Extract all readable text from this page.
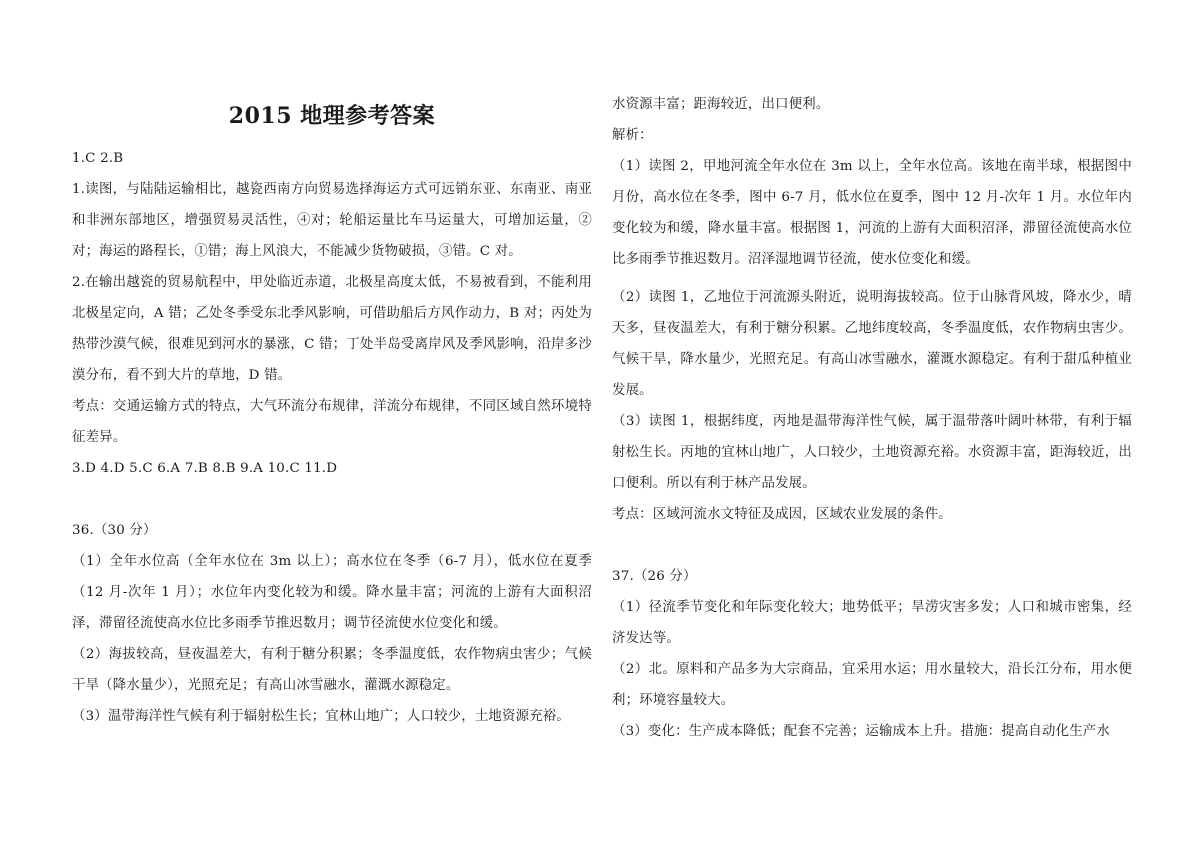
2015 地理参考答案

1.C 2.B

1.读图，与陆陆运输相比，越瓷西南方向贸易选择海运方式可远销东亚、东南亚、南亚和非洲东部地区，增强贸易灵活性，④对；轮船运量比车马运量大，可增加运量，②对；海运的路程长，①错；海上风浪大，不能减少货物破损，③错。C 对。

2.在输出越瓷的贸易航程中，甲处临近赤道，北极星高度太低，不易被看到，不能利用北极星定向，A 错；乙处冬季受东北季风影响，可借助船后方风作动力，B 对；丙处为热带沙漠气候，很难见到河水的暴涨，C 错；丁处半岛受离岸风及季风影响，沿岸多沙漠分布，看不到大片的草地，D 错。

考点：交通运输方式的特点，大气环流分布规律，洋流分布规律，不同区域自然环境特征差异。

3.D 4.D 5.C 6.A 7.B 8.B 9.A 10.C 11.D

36.（30 分）

（1）全年水位高（全年水位在 3m 以上）；高水位在冬季（6-7 月），低水位在夏季（12 月-次年 1 月）；水位年内变化较为和缓。降水量丰富；河流的上游有大面积沼泽，滞留径流使高水位比多雨季节推迟数月；调节径流使水位变化和缓。

（2）海拔较高，昼夜温差大，有利于糖分积累；冬季温度低，农作物病虫害少；气候干旱（降水量少），光照充足；有高山冰雪融水，灌溉水源稳定。

（3）温带海洋性气候有利于辐射松生长；宜林山地广；人口较少，土地资源充裕。

水资源丰富；距海较近，出口便利。

解析：

（1）读图 2，甲地河流全年水位在 3m 以上，全年水位高。该地在南半球，根据图中月份，高水位在冬季，图中 6-7 月，低水位在夏季，图中 12 月-次年 1 月。水位年内变化较为和缓，降水量丰富。根据图 1，河流的上游有大面积沼泽，滞留径流使高水位比多雨季节推迟数月。沼泽湿地调节径流，使水位变化和缓。

（2）读图 1，乙地位于河流源头附近，说明海拔较高。位于山脉背风坡，降水少，晴天多，昼夜温差大，有利于糖分积累。乙地纬度较高，冬季温度低，农作物病虫害少。气候干旱，降水量少，光照充足。有高山冰雪融水，灌溉水源稳定。有利于甜瓜种植业发展。

（3）读图 1，根据纬度，丙地是温带海洋性气候，属于温带落叶阔叶林带，有利于辐射松生长。丙地的宜林山地广，人口较少，土地资源充裕。水资源丰富，距海较近，出口便利。所以有利于林产品发展。

考点：区域河流水文特征及成因，区域农业发展的条件。

37.（26 分）

（1）径流季节变化和年际变化较大；地势低平；旱涝灾害多发；人口和城市密集，经济发达等。

（2）北。原料和产品多为大宗商品，宜采用水运；用水量较大，沿长江分布，用水便利；环境容量较大。

（3）变化：生产成本降低；配套不完善；运输成本上升。措施：提高自动化生产水
